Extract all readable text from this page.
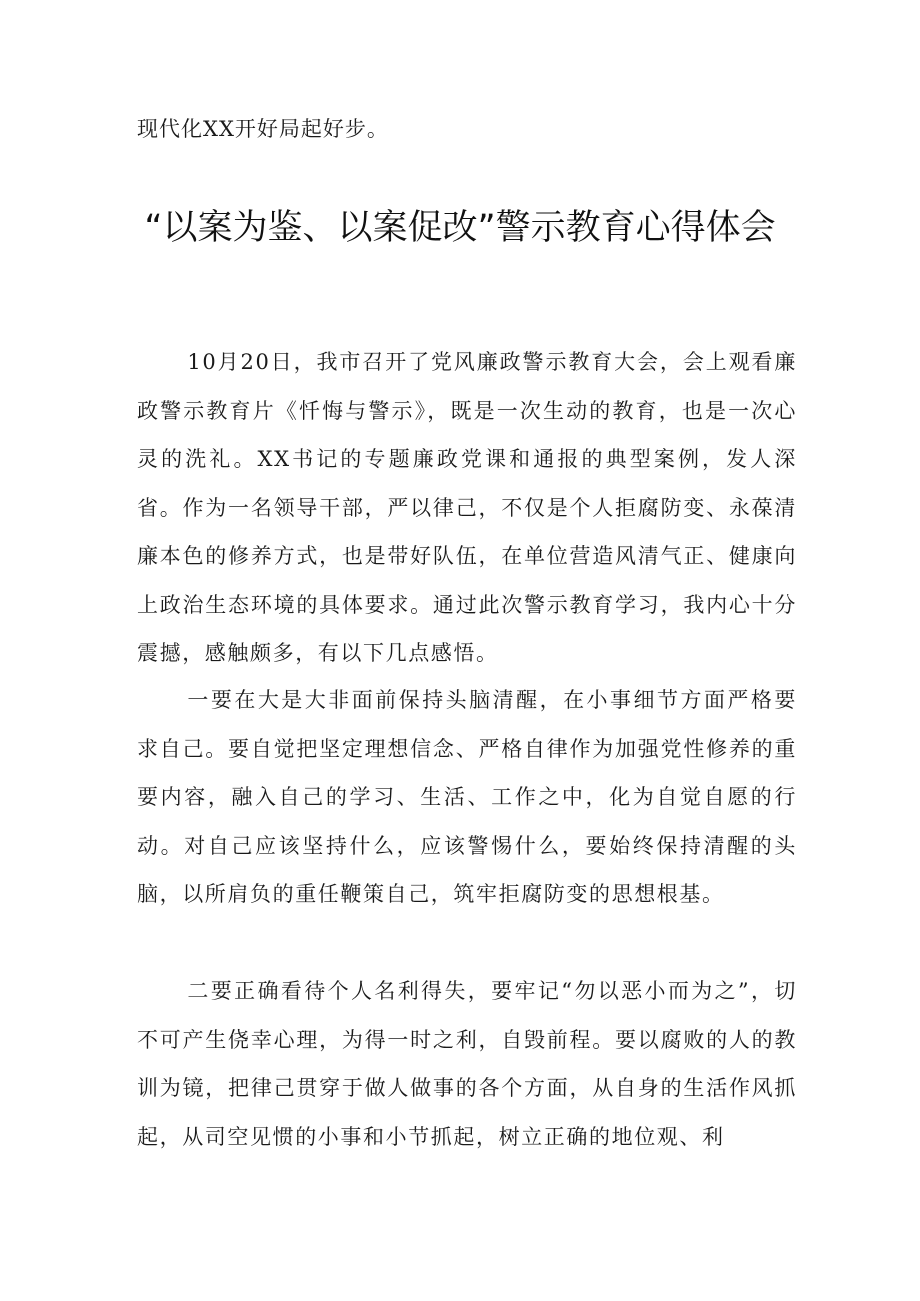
现代化XX开好局起好步。
“以案为鉴、以案促改”警示教育心得体会
10月20日，我市召开了党风廉政警示教育大会，会上观看廉政警示教育片《忏悔与警示》，既是一次生动的教育，也是一次心灵的洗礼。XX书记的专题廉政党课和通报的典型案例，发人深省。作为一名领导干部，严以律己，不仅是个人拒腐防变、永葆清廉本色的修养方式，也是带好队伍，在单位营造风清气正、健康向上政治生态环境的具体要求。通过此次警示教育学习，我内心十分震撼，感触颇多，有以下几点感悟。
一要在大是大非面前保持头脑清醒，在小事细节方面严格要求自己。要自觉把坚定理想信念、严格自律作为加强党性修养的重要内容，融入自己的学习、生活、工作之中，化为自觉自愿的行动。对自己应该坚持什么，应该警惕什么，要始终保持清醒的头脑，以所肩负的重任鞭策自己，筑牢拒腐防变的思想根基。
二要正确看待个人名利得失，要牢记“勿以恶小而为之”，切不可产生侥幸心理，为得一时之利，自毁前程。要以腐败的人的教训为镜，把律己贯穿于做人做事的各个方面，从自身的生活作风抓起，从司空见惯的小事和小节抓起，树立正确的地位观、利
